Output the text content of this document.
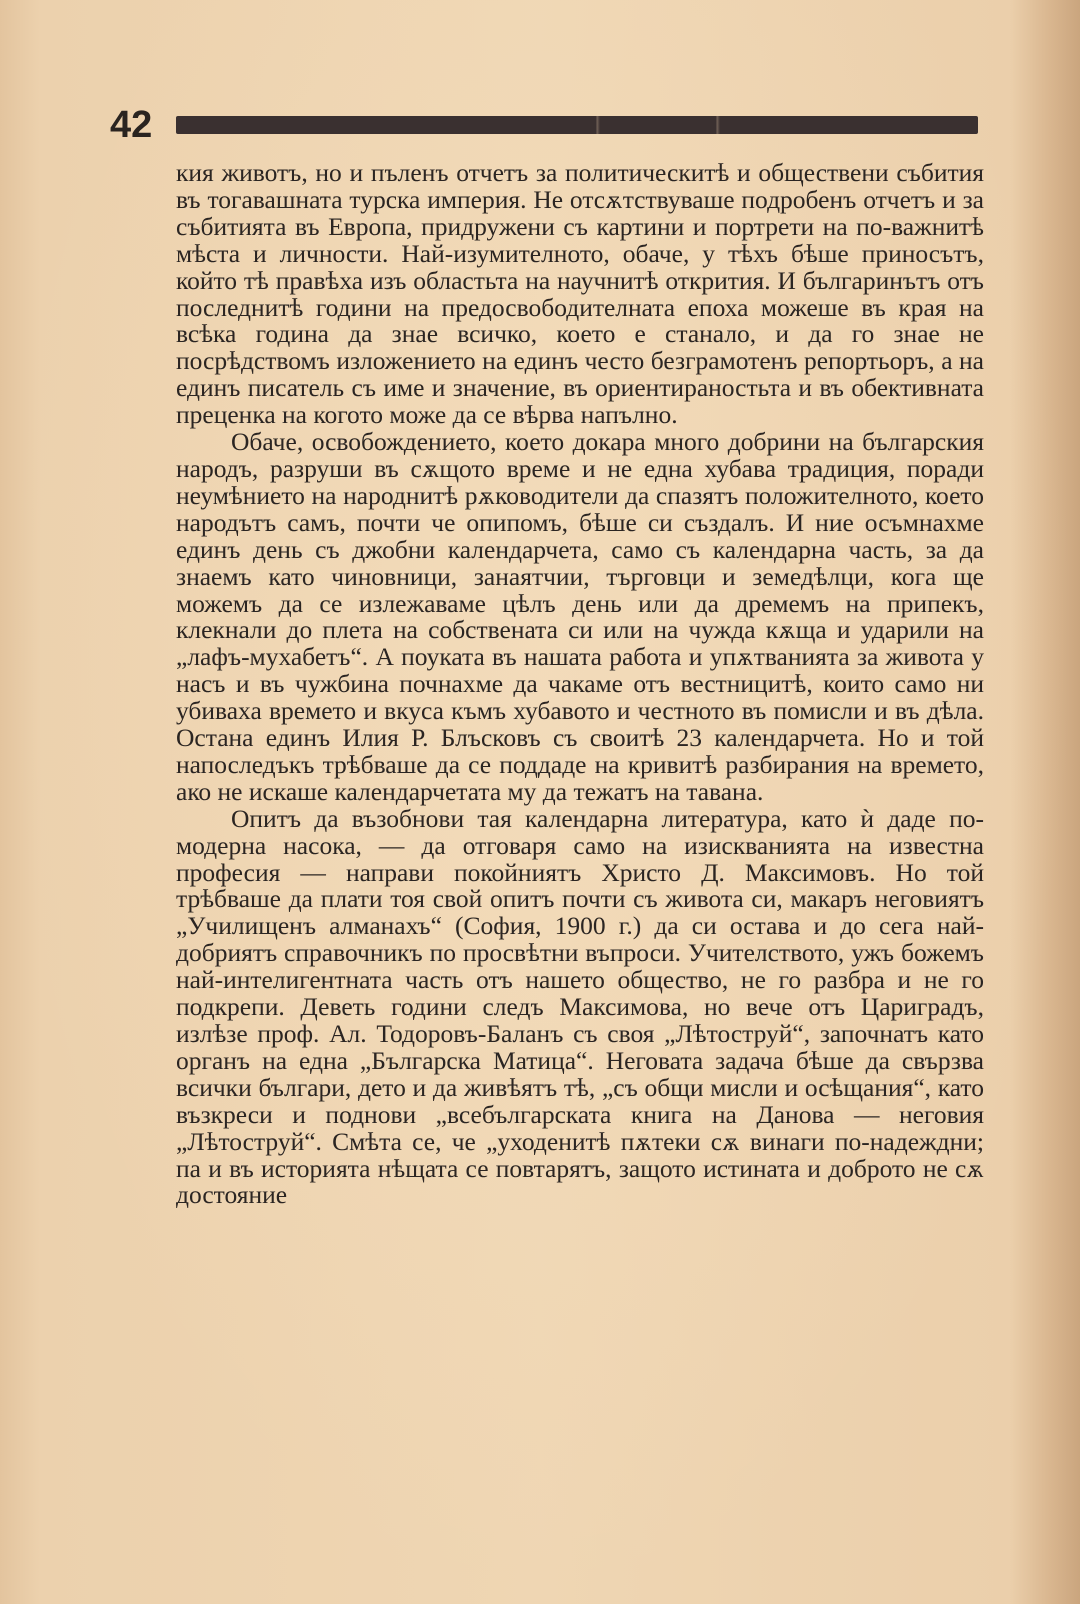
42

кия животъ, но и пъленъ отчетъ за политическитѣ и обществени събития въ тогавашната турска империя. Не отсѫтствуваше подробенъ отчетъ и за събитията въ Европа, придружени съ картини и портрети на по-важнитѣ мѣста и личности. Най-изумителното, обаче, у тѣхъ бѣше приносътъ, който тѣ правѣха изъ областьта на научнитѣ открития. И българинътъ отъ последнитѣ години на предосвободителната епоха можеше въ края на всѣка година да знае всичко, което е станало, и да го знае не посрѣдствомъ изложението на единъ често безграмотенъ репортьоръ, а на единъ писатель съ име и значение, въ ориентираностьта и въ обективната преценка на когото може да се вѣрва напълно.

Обаче, освобождението, което докара много добрини на българския народъ, разруши въ сѫщото време и не една хубава традиция, поради неумѣнието на народнитѣ рѫководители да спазятъ положителното, което народътъ самъ, почти че опипомъ, бѣше си създалъ. И ние осъмнахме единъ день съ джобни календарчета, само съ календарна часть, за да знаемъ като чиновници, занаятчии, търговци и земедѣлци, кога ще можемъ да се излежаваме цѣлъ день или да дремемъ на припекъ, клекнали до плета на собствената си или на чужда кѫща и ударили на „лафъ-мухабетъ“. А поуката въ нашата работа и упѫтванията за живота у насъ и въ чужбина почнахме да чакаме отъ вестницитѣ, които само ни убиваха времето и вкуса къмъ хубавото и честното въ помисли и въ дѣла. Остана единъ Илия Р. Блъсковъ съ своитѣ 23 календарчета. Но и той напоследъкъ трѣбваше да се поддаде на кривитѣ разбирания на времето, ако не искаше календарчетата му да тежатъ на тавана.

Опитъ да възобнови тая календарна литература, като ѝ даде по-модерна насока, — да отговаря само на изискванията на известна професия — направи покойниятъ Христо Д. Максимовъ. Но той трѣбваше да плати тоя свой опитъ почти съ живота си, макаръ неговиятъ „Училищенъ алманахъ“ (София, 1900 г.) да си остава и до сега най-добриятъ справочникъ по просвѣтни въпроси. Учителството, ужъ божемъ най-интелигентната часть отъ нашето общество, не го разбра и не го подкрепи. Деветь години следъ Максимова, но вече отъ Цариградъ, излѣзе проф. Ал. Тодоровъ-Баланъ съ своя „Лѣтоструй“, започнатъ като органъ на една „Българска Матица“. Неговата задача бѣше да свързва всички българи, дето и да живѣятъ тѣ, „съ общи мисли и осѣщания“, като възкреси и поднови „всебългарската книга на Данова — неговия „Лѣтоструй“. Смѣта се, че „уходенитѣ пѫтеки сѫ винаги по-надеждни; па и въ историята нѣщата се повтарятъ, защото истината и доброто не сѫ достояние
